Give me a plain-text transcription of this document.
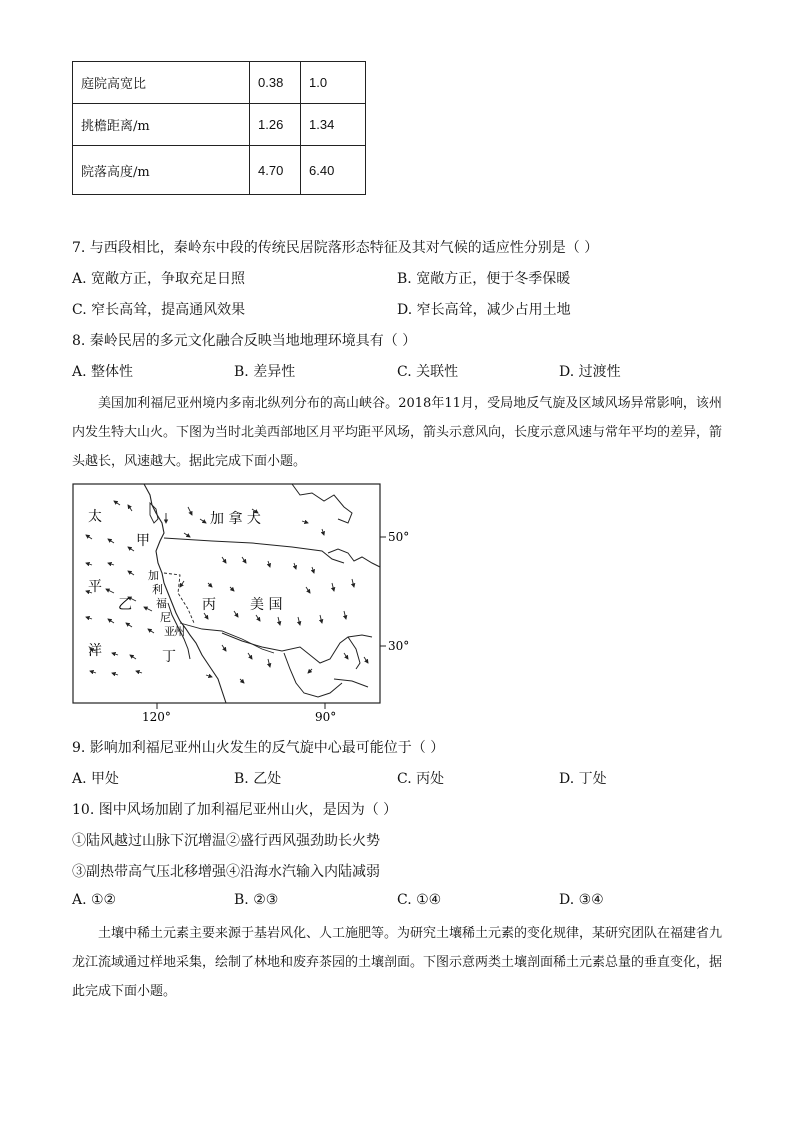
庭院高宽比	0.38	1.0
挑檐距离/m	1.26	1.34
院落高度/m	4.70	6.40
7. 与西段相比，秦岭东中段的传统民居院落形态特征及其对气候的适应性分别是（ ）
A. 宽敞方正，争取充足日照	B. 宽敞方正，便于冬季保暖
C. 窄长高耸，提高通风效果	D. 窄长高耸，减少占用土地
8. 秦岭民居的多元文化融合反映当地地理环境具有（ ）
A. 整体性	B. 差异性	C. 关联性	D. 过渡性
美国加利福尼亚州境内多南北纵列分布的高山峡谷。2018年11月，受局地反气旋及区域风场异常影响，该州内发生特大山火。下图为当时北美西部地区月平均距平风场，箭头示意风向，长度示意风速与常年平均的差异，箭头越长，风速越大。据此完成下面小题。
太
平
洋
甲
乙	丙
丁
加 拿 大
美 国
加
利
福
尼
亚 州
50°
30°
120°	90°
9. 影响加利福尼亚州山火发生的反气旋中心最可能位于（ ）
A. 甲处	B. 乙处	C. 丙处	D. 丁处
10. 图中风场加剧了加利福尼亚州山火，是因为（ ）
①陆风越过山脉下沉增温②盛行西风强劲助长火势
③副热带高气压北移增强④沿海水汽输入内陆减弱
A. ①②	B. ②③	C. ①④	D. ③④
土壤中稀土元素主要来源于基岩风化、人工施肥等。为研究土壤稀土元素的变化规律，某研究团队在福建省九龙江流域通过样地采集，绘制了林地和废弃茶园的土壤剖面。下图示意两类土壤剖面稀土元素总量的垂直变化，据此完成下面小题。
